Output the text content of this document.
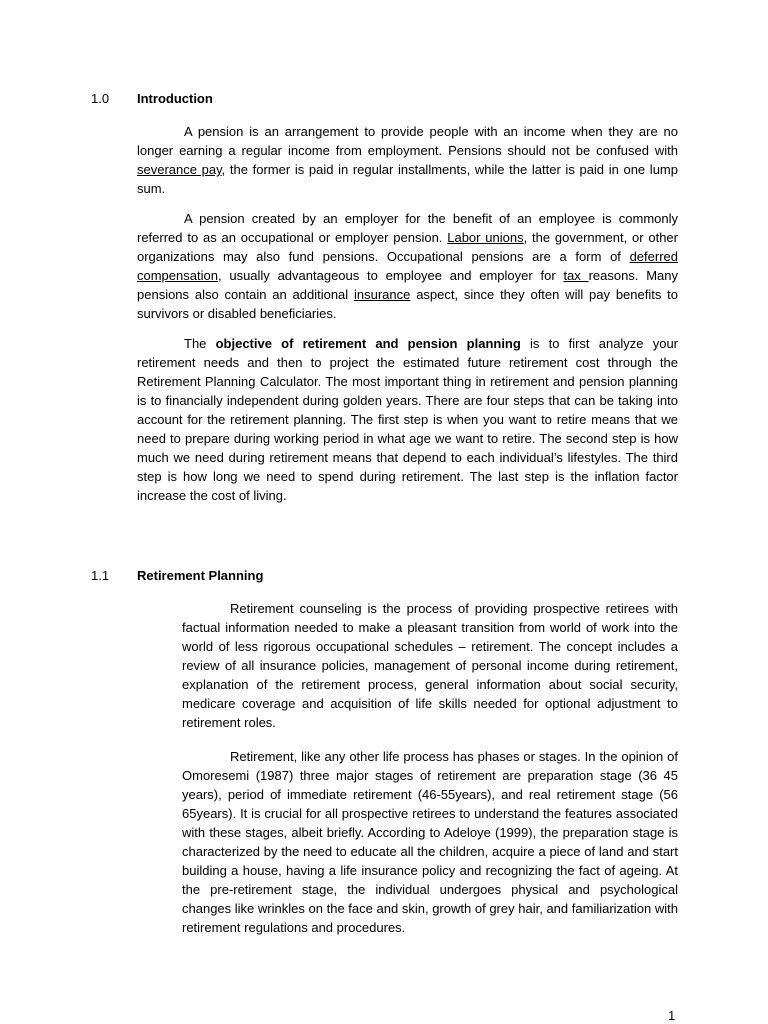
1.0 Introduction

A pension is an arrangement to provide people with an income when they are no longer earning a regular income from employment. Pensions should not be confused with severance pay, the former is paid in regular installments, while the latter is paid in one lump sum.

A pension created by an employer for the benefit of an employee is commonly referred to as an occupational or employer pension. Labor unions, the government, or other organizations may also fund pensions. Occupational pensions are a form of deferred compensation, usually advantageous to employee and employer for tax reasons. Many pensions also contain an additional insurance aspect, since they often will pay benefits to survivors or disabled beneficiaries.

The objective of retirement and pension planning is to first analyze your retirement needs and then to project the estimated future retirement cost through the Retirement Planning Calculator. The most important thing in retirement and pension planning is to financially independent during golden years. There are four steps that can be taking into account for the retirement planning. The first step is when you want to retire means that we need to prepare during working period in what age we want to retire. The second step is how much we need during retirement means that depend to each individual’s lifestyles. The third step is how long we need to spend during retirement. The last step is the inflation factor increase the cost of living.

1.1 Retirement Planning

Retirement counseling is the process of providing prospective retirees with factual information needed to make a pleasant transition from world of work into the world of less rigorous occupational schedules – retirement. The concept includes a review of all insurance policies, management of personal income during retirement, explanation of the retirement process, general information about social security, medicare coverage and acquisition of life skills needed for optional adjustment to retirement roles.

Retirement, like any other life process has phases or stages. In the opinion of Omoresemi (1987) three major stages of retirement are preparation stage (36 45 years), period of immediate retirement (46-55years), and real retirement stage (56 65years). It is crucial for all prospective retirees to understand the features associated with these stages, albeit briefly. According to Adeloye (1999), the preparation stage is characterized by the need to educate all the children, acquire a piece of land and start building a house, having a life insurance policy and recognizing the fact of ageing. At the pre-retirement stage, the individual undergoes physical and psychological changes like wrinkles on the face and skin, growth of grey hair, and familiarization with retirement regulations and procedures.

1
